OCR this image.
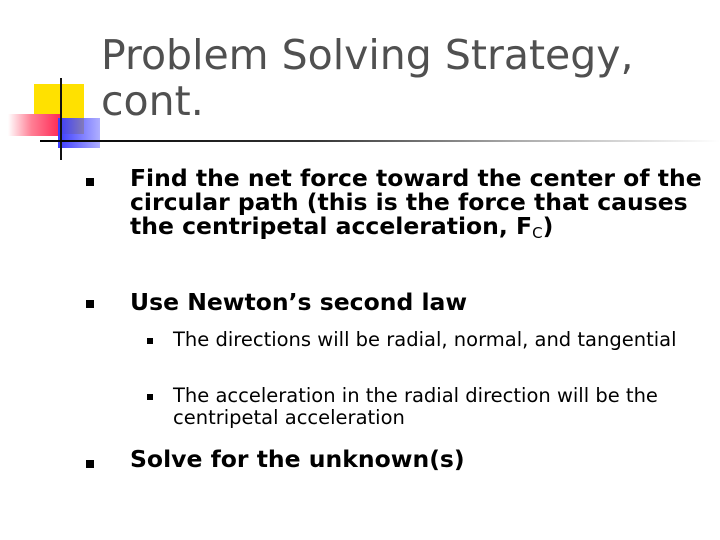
Problem Solving Strategy, cont.
Find the net force toward the center of the circular path (this is the force that causes the centripetal acceleration, $F_C$)
Use Newton’s second law
The directions will be radial, normal, and tangential
The acceleration in the radial direction will be the centripetal acceleration
Solve for the unknown(s)
